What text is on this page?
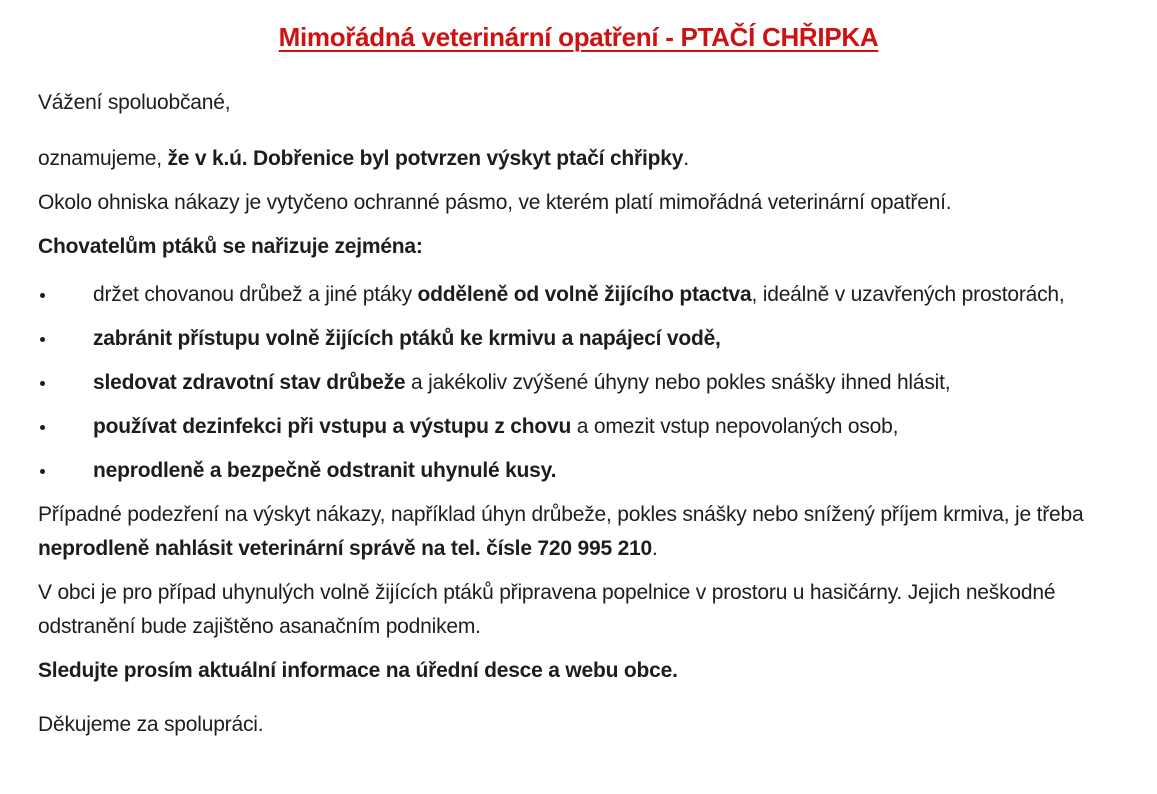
Mimořádná veterinární opatření - PTAČÍ CHŘIPKA

Vážení spoluobčané,

oznamujeme, že v k.ú. Dobřenice byl potvrzen výskyt ptačí chřipky.

Okolo ohniska nákazy je vytyčeno ochranné pásmo, ve kterém platí mimořádná veterinární opatření.

Chovatelům ptáků se nařizuje zejména:

držet chovanou drůbež a jiné ptáky odděleně od volně žijícího ptactva, ideálně v uzavřených prostorách,
zabránit přístupu volně žijících ptáků ke krmivu a napájecí vodě,
sledovat zdravotní stav drůbeže a jakékoliv zvýšené úhyny nebo pokles snášky ihned hlásit,
používat dezinfekci při vstupu a výstupu z chovu a omezit vstup nepovolaných osob,
neprodleně a bezpečně odstranit uhynulé kusy.

Případné podezření na výskyt nákazy, například úhyn drůbeže, pokles snášky nebo snížený příjem krmiva, je třeba neprodleně nahlásit veterinární správě na tel. čísle 720 995 210.

V obci je pro případ uhynulých volně žijících ptáků připravena popelnice v prostoru u hasičárny. Jejich neškodné odstranění bude zajištěno asanačním podnikem.

Sledujte prosím aktuální informace na úřední desce a webu obce.

Děkujeme za spolupráci.
